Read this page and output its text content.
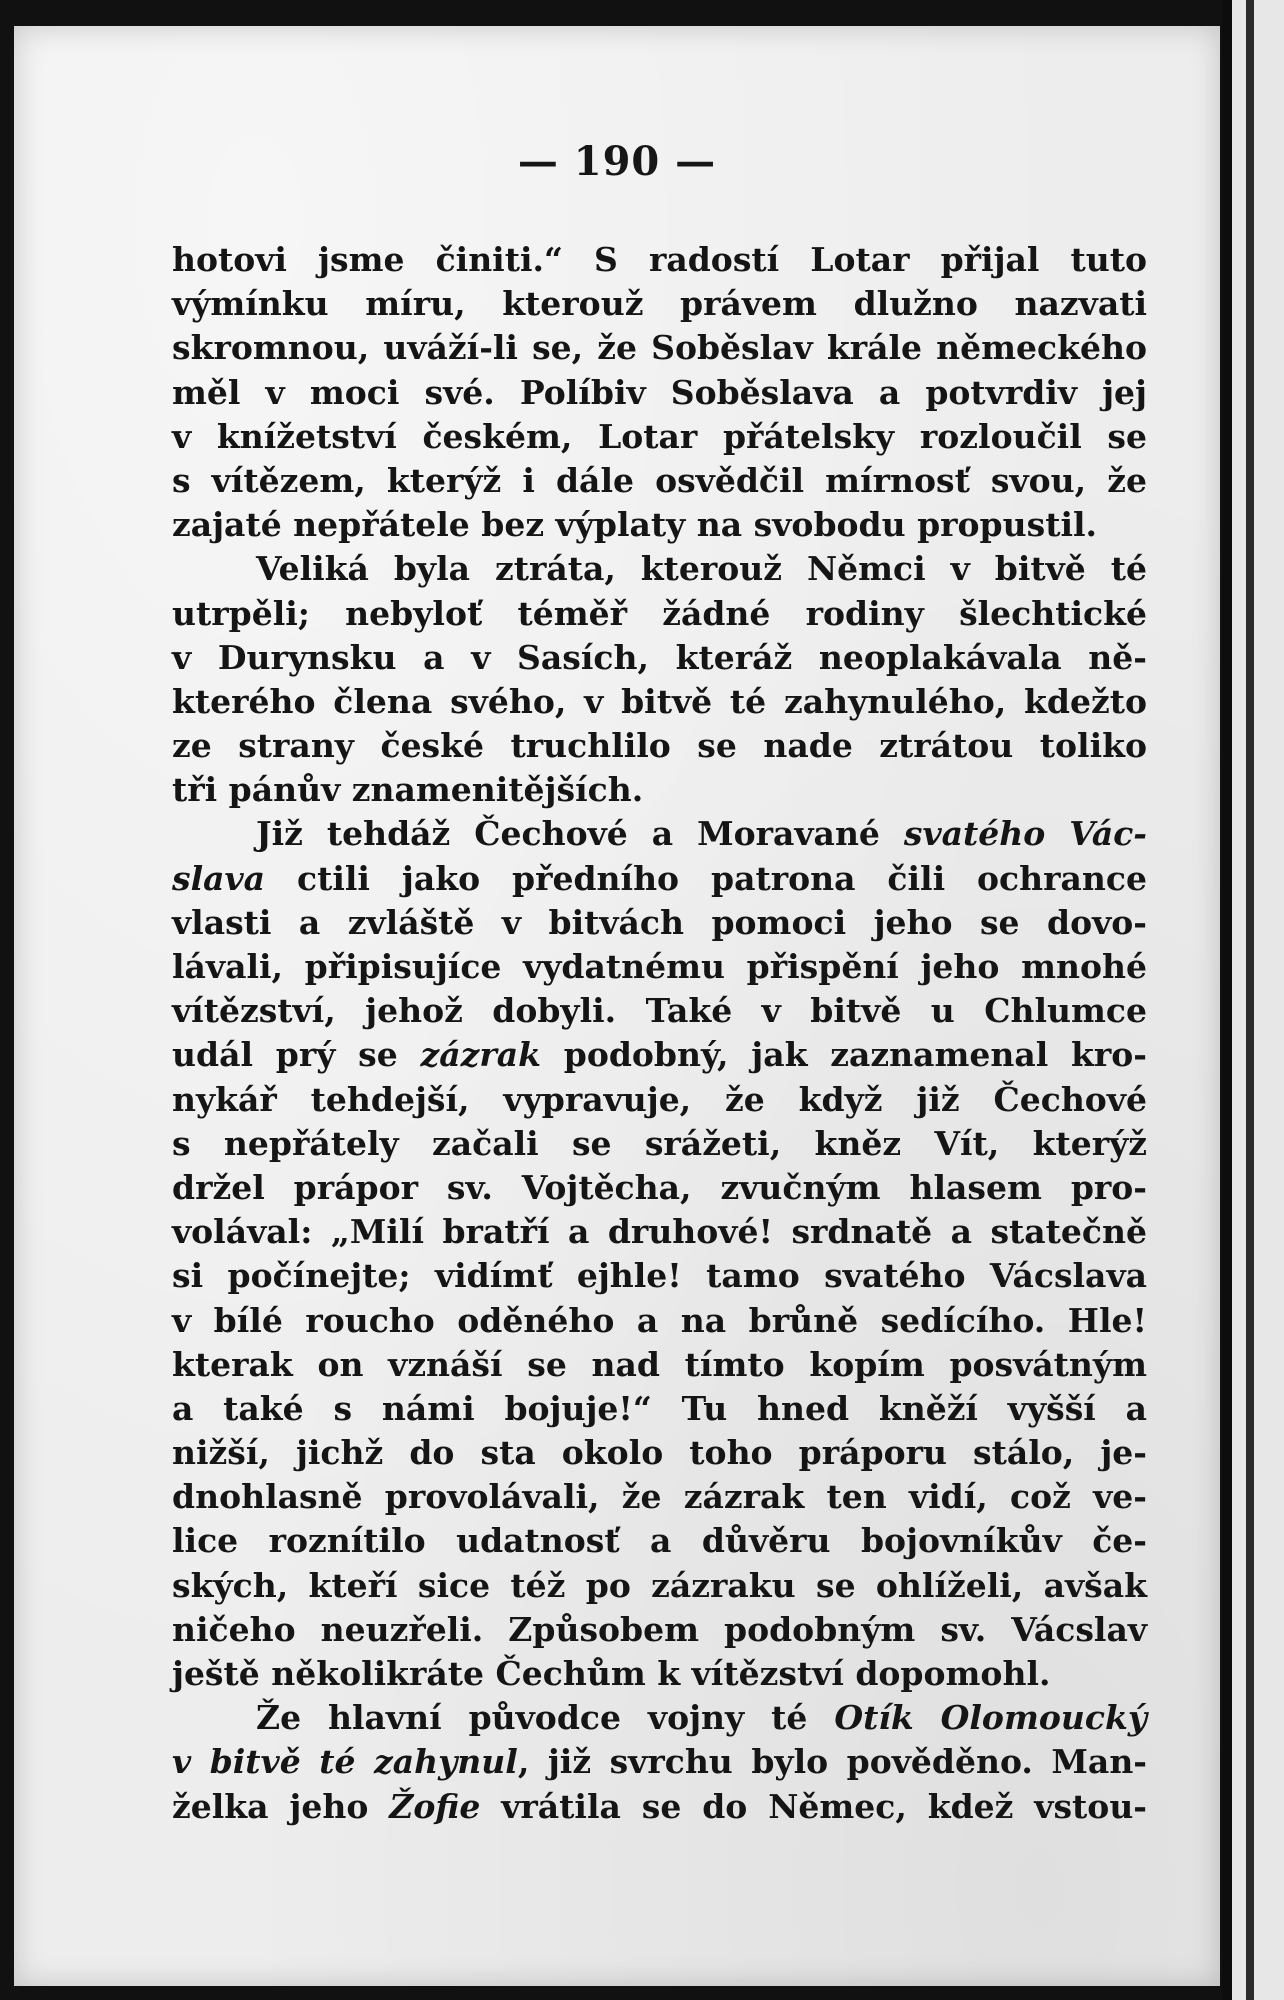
— 190 —
hotovi jsme činiti.“ S radostí Lotar přijal tuto
výmínku míru, kterouž právem dlužno nazvati
skromnou, uváží-li se, že Soběslav krále německého
měl v moci své. Políbiv Soběslava a potvrdiv jej
v knížetství českém, Lotar přátelsky rozloučil se
s vítězem, kterýž i dále osvědčil mírnosť svou, že
zajaté nepřátele bez výplaty na svobodu propustil.
Veliká byla ztráta, kterouž Němci v bitvě té
utrpěli; nebyloť téměř žádné rodiny šlechtické
v Durynsku a v Sasích, kteráž neoplakávala ně-
kterého člena svého, v bitvě té zahynulého, kdežto
ze strany české truchlilo se nade ztrátou toliko
tři pánův znamenitějších.
Již tehdáž Čechové a Moravané svatého Vác-
slava ctili jako předního patrona čili ochrance
vlasti a zvláště v bitvách pomoci jeho se dovo-
lávali, připisujíce vydatnému přispění jeho mnohé
vítězství, jehož dobyli. Také v bitvě u Chlumce
udál prý se zázrak podobný, jak zaznamenal kro-
nykář tehdejší, vypravuje, že když již Čechové
s nepřátely začali se srážeti, kněz Vít, kterýž
držel prápor sv. Vojtěcha, zvučným hlasem pro-
volával: „Milí bratří a druhové! srdnatě a statečně
si počínejte; vidímť ejhle! tamo svatého Vácslava
v bílé roucho oděného a na brůně sedícího. Hle!
kterak on vznáší se nad tímto kopím posvátným
a také s námi bojuje!“ Tu hned kněží vyšší a
nižší, jichž do sta okolo toho práporu stálo, je-
dnohlasně provolávali, že zázrak ten vidí, což ve-
lice roznítilo udatnosť a důvěru bojovníkův če-
ských, kteří sice též po zázraku se ohlíželi, avšak
ničeho neuzřeli. Způsobem podobným sv. Vácslav
ještě několikráte Čechům k vítězství dopomohl.
Že hlavní původce vojny té Otík Olomoucký
v bitvě té zahynul, již svrchu bylo pověděno. Man-
želka jeho Žofie vrátila se do Němec, kdež vstou-
